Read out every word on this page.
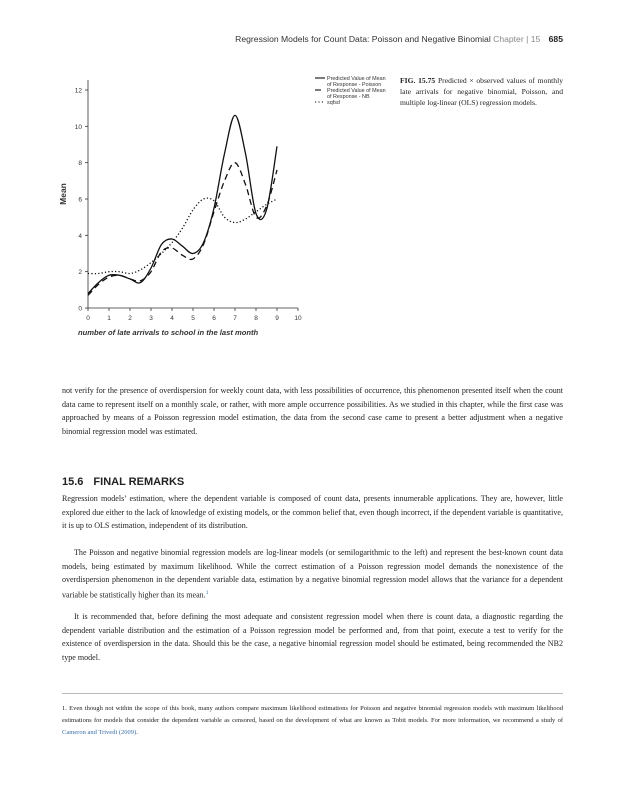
Regression Models for Count Data: Poisson and Negative Binomial Chapter | 15 685
0
2
4
6
8
10
12
0	1	2	3	4	5	6	7	8	9 10
Mean
number of late arrivals to school in the last month
Predicted Value of Mean of Response - Poisson
Predicted Value of Mean of Response - NB
sqfsd
FIG. 15.75 Predicted × observed values of monthly late arrivals for negative binomial, Poisson, and multiple log-linear (OLS) regression models.

not verify for the presence of overdispersion for weekly count data, with less possibilities of occurrence, this phenomenon presented itself when the count data came to represent itself on a monthly scale, or rather, with more ample occurrence possibilities. As we studied in this chapter, while the first case was approached by means of a Poisson regression model estimation, the data from the second case came to present a better adjustment when a negative binomial regression model was estimated.

15.6 FINAL REMARKS

Regression models’ estimation, where the dependent variable is composed of count data, presents innumerable applications. They are, however, little explored due either to the lack of knowledge of existing models, or the common belief that, even though incorrect, if the dependent variable is quantitative, it is up to OLS estimation, independent of its distribution.

The Poisson and negative binomial regression models are log-linear models (or semilogarithmic to the left) and represent the best-known count data models, being estimated by maximum likelihood. While the correct estimation of a Poisson regression model demands the nonexistence of the overdispersion phenomenon in the dependent variable data, estimation by a negative binomial regression model allows that the variance for a dependent variable be statistically higher than its mean.$^1$

It is recommended that, before defining the most adequate and consistent regression model when there is count data, a diagnostic regarding the dependent variable distribution and the estimation of a Poisson regression model be performed and, from that point, execute a test to verify for the existence of overdispersion in the data. Should this be the case, a negative binomial regression model should be estimated, being recommended the NB2 type model.

1. Even though not within the scope of this book, many authors compare maximum likelihood estimations for Poisson and negative binomial regression models with maximum likelihood estimations for models that consider the dependent variable as censored, based on the development of what are known as Tobit models. For more information, we recommend a study of Cameron and Trivedi (2009).
